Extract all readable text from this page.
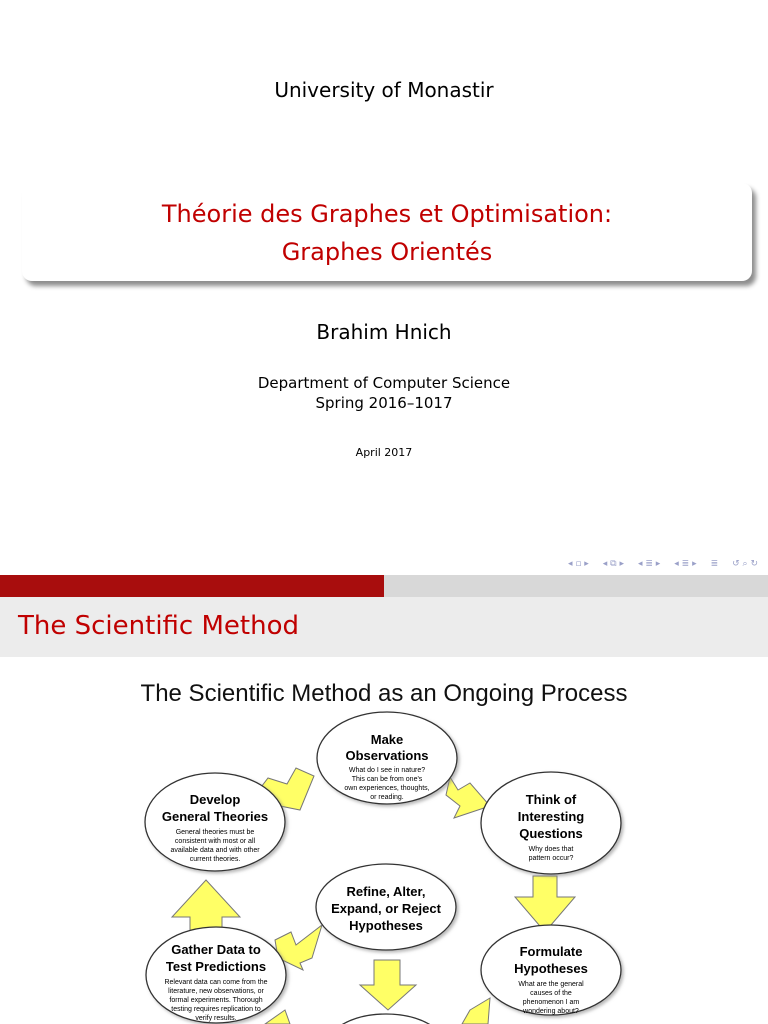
University of Monastir
Théorie des Graphes et Optimisation:
Graphes Orientés
Brahim Hnich
Department of Computer Science
Spring 2016–1017
April 2017
◂ ▫ ▸ ◂ ⧉ ▸ ◂ ≣ ▸ ◂ ≣ ▸ ≣ ↺ ⌕ ↻
The Scientific Method
The Scientific Method as an Ongoing Process
Make
Observations
What do I see in nature?
This can be from one's
own experiences, thoughts,
or reading.	Think of
Interesting
Questions
Why does that
pattern occur?
Develop
General Theories
General theories must be
consistent with most or all
available data and with other
current theories.
Refine, Alter,
Expand, or Reject
Hypotheses
Gather Data to
Test Predictions
Relevant data can come from the
literature, new observations, or
formal experiments. Thorough
testing requires replication to
verify results.
Formulate
Hypotheses
What are the general
causes of the
phenomenon I am
wondering about?
